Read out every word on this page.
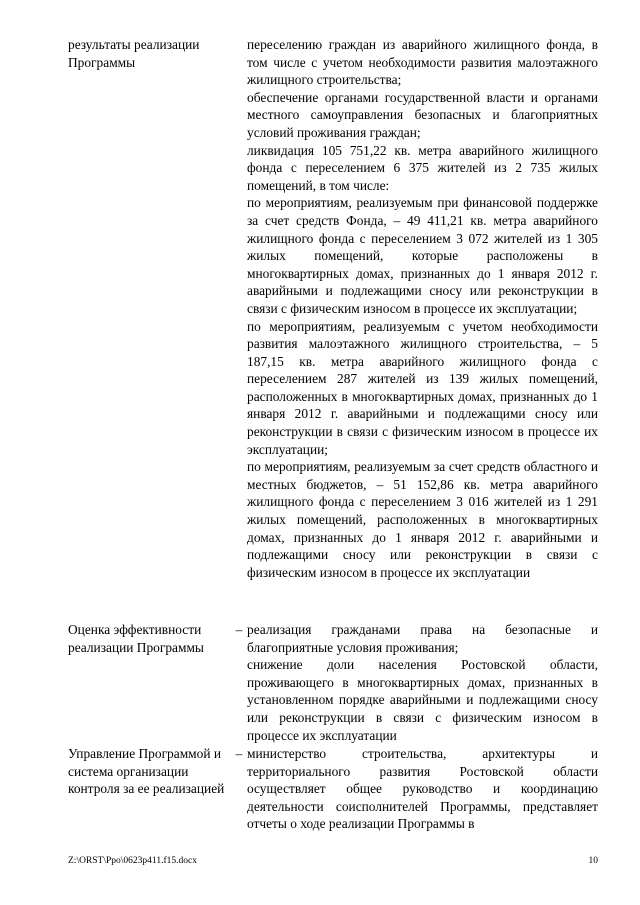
результаты реализации Программы

переселению граждан из аварийного жилищного фонда, в том числе с учетом необходимости развития малоэтажного жилищного строительства;

обеспечение органами государственной власти и органами местного самоуправления безопасных и благоприятных условий проживания граждан;

ликвидация 105 751,22 кв. метра аварийного жилищного фонда с переселением 6 375 жителей из 2 735 жилых помещений, в том числе:

по мероприятиям, реализуемым при финансовой поддержке за счет средств Фонда, – 49 411,21 кв. метра аварийного жилищного фонда с переселением 3 072 жителей из 1 305 жилых помещений, которые расположены в многоквартирных домах, признанных до 1 января 2012 г. аварийными и подлежащими сносу или реконструкции в связи с физическим износом в процессе их эксплуатации;

по мероприятиям, реализуемым с учетом необходимости развития малоэтажного жилищного строительства, – 5 187,15 кв. метра аварийного жилищного фонда с переселением 287 жителей из 139 жилых помещений, расположенных в многоквартирных домах, признанных до 1 января 2012 г. аварийными и подлежащими сносу или реконструкции в связи с физическим износом в процессе их эксплуатации;

по мероприятиям, реализуемым за счет средств областного и местных бюджетов, – 51 152,86 кв. метра аварийного жилищного фонда с переселением 3 016 жителей из 1 291 жилых помещений, расположенных в многоквартирных домах, признанных до 1 января 2012 г. аварийными и подлежащими сносу или реконструкции в связи с физическим износом в процессе их эксплуатации

Оценка эффективности реализации Программы
– реализация гражданами права на безопасные и благоприятные условия проживания;

снижение доли населения Ростовской области, проживающего в многоквартирных домах, признанных в установленном порядке аварийными и подлежащими сносу или реконструкции в связи с физическим износом в процессе их эксплуатации

Управление Программой и система организации контроля за ее реализацией
– министерство строительства, архитектуры и территориального развития Ростовской области осуществляет общее руководство и координацию деятельности соисполнителей Программы, представляет отчеты о ходе реализации Программы в

Z:\ORST\Ppo\0623p411.f15.docx	10
